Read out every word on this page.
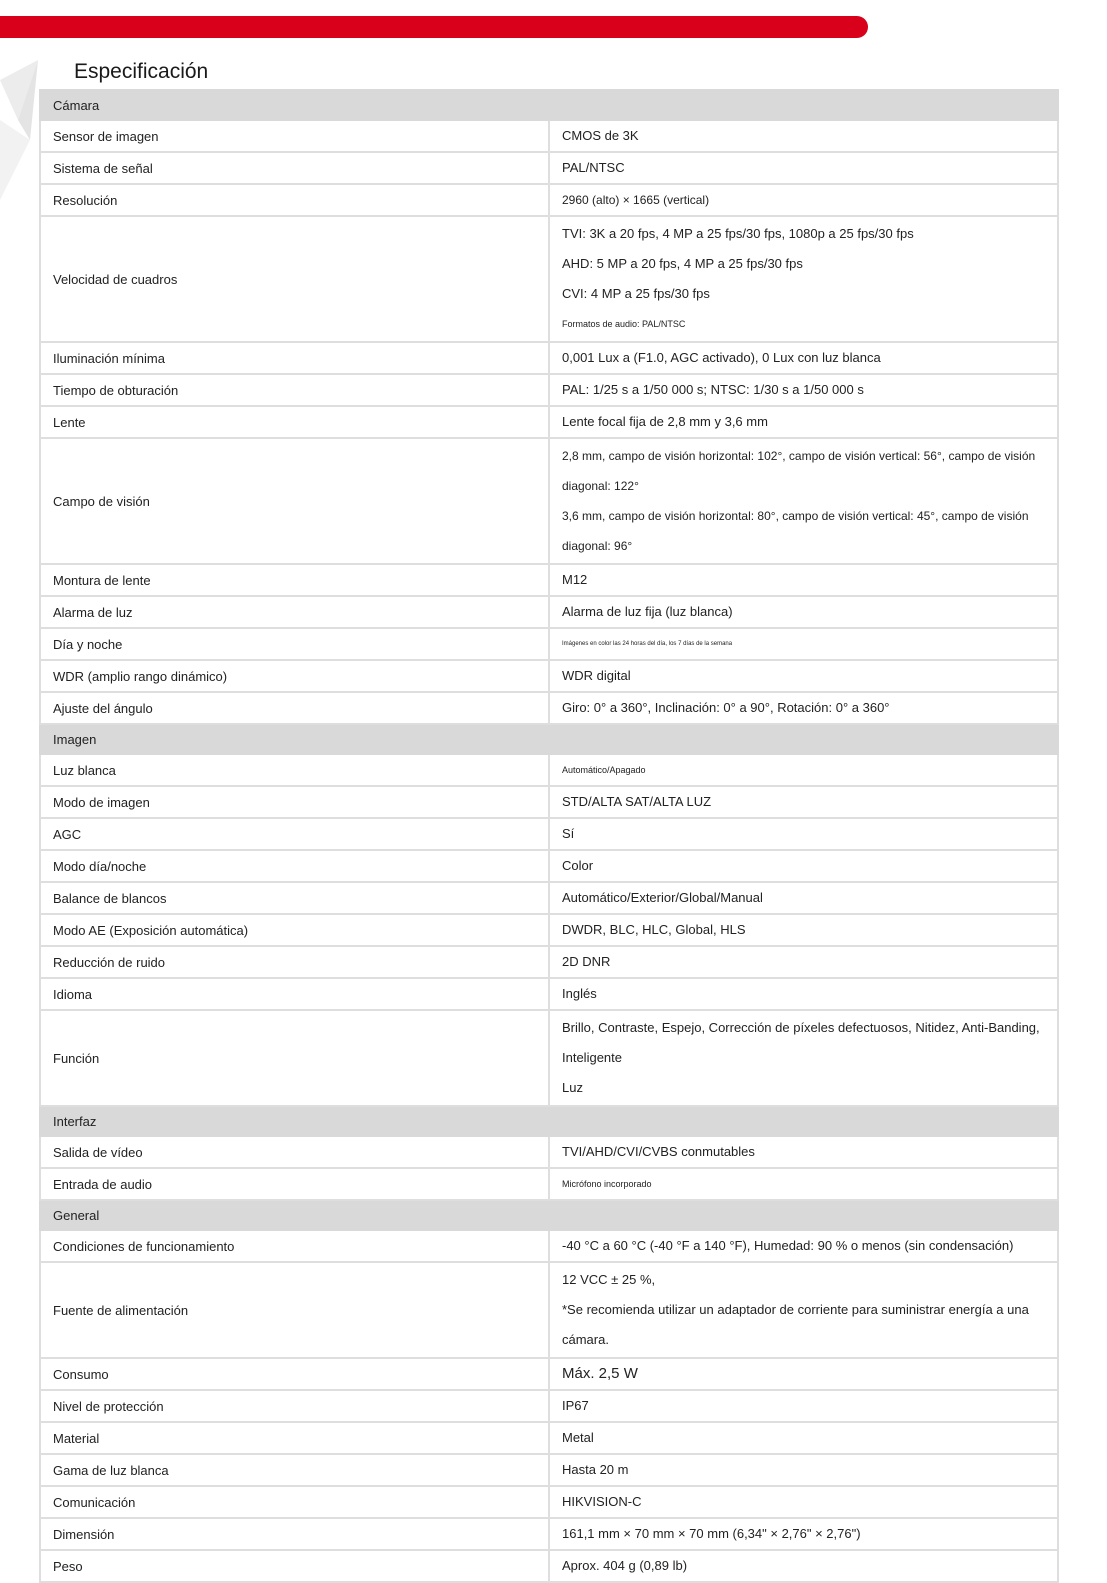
Especificación
Cámara	
Sensor de imagen	CMOS de 3K

Sistema de señal	PAL/NTSC

Resolución	2960 (alto) × 1665 (vertical)

Velocidad de cuadros	TVI: 3K a 20 fps, 4 MP a 25 fps/30 fps, 1080p a 25 fps/30 fps
AHD: 5 MP a 20 fps, 4 MP a 25 fps/30 fps
CVI: 4 MP a 25 fps/30 fps
Formatos de audio: PAL/NTSC

Iluminación mínima	0,001 Lux a (F1.0, AGC activado), 0 Lux con luz blanca

Tiempo de obturación	PAL: 1/25 s a 1/50 000 s; NTSC: 1/30 s a 1/50 000 s

Lente	Lente focal fija de 2,8 mm y 3,6 mm

Campo de visión	2,8 mm, campo de visión horizontal: 102°, campo de visión vertical: 56°, campo de visión diagonal: 122°
3,6 mm, campo de visión horizontal: 80°, campo de visión vertical: 45°, campo de visión diagonal: 96°

Montura de lente	M12

Alarma de luz	Alarma de luz fija (luz blanca)

Día y noche	Imágenes en color las 24 horas del día, los 7 días de la semana

WDR (amplio rango dinámico)	WDR digital

Ajuste del ángulo	Giro: 0° a 360°, Inclinación: 0° a 90°, Rotación: 0° a 360°

Imagen	
Luz blanca	Automático/Apagado

Modo de imagen	STD/ALTA SAT/ALTA LUZ

AGC	Sí

Modo día/noche	Color

Balance de blancos	Automático/Exterior/Global/Manual

Modo AE (Exposición automática)	DWDR, BLC, HLC, Global, HLS

Reducción de ruido	2D DNR

Idioma	Inglés

Función	Brillo, Contraste, Espejo, Corrección de píxeles defectuosos, Nitidez, Anti-Banding, Inteligente
Luz

Interfaz	
Salida de vídeo	TVI/AHD/CVI/CVBS conmutables

Entrada de audio	Micrófono incorporado

General	
Condiciones de funcionamiento	-40 °C a 60 °C (-40 °F a 140 °F), Humedad: 90 % o menos (sin condensación)

Fuente de alimentación	12 VCC ± 25 %,
*Se recomienda utilizar un adaptador de corriente para suministrar energía a una cámara.

Consumo	Máx. 2,5 W

Nivel de protección	IP67

Material	Metal

Gama de luz blanca	Hasta 20 m

Comunicación	HIKVISION-C

Dimensión	161,1 mm × 70 mm × 70 mm (6,34" × 2,76" × 2,76")

Peso	Aprox. 404 g (0,89 lb)
